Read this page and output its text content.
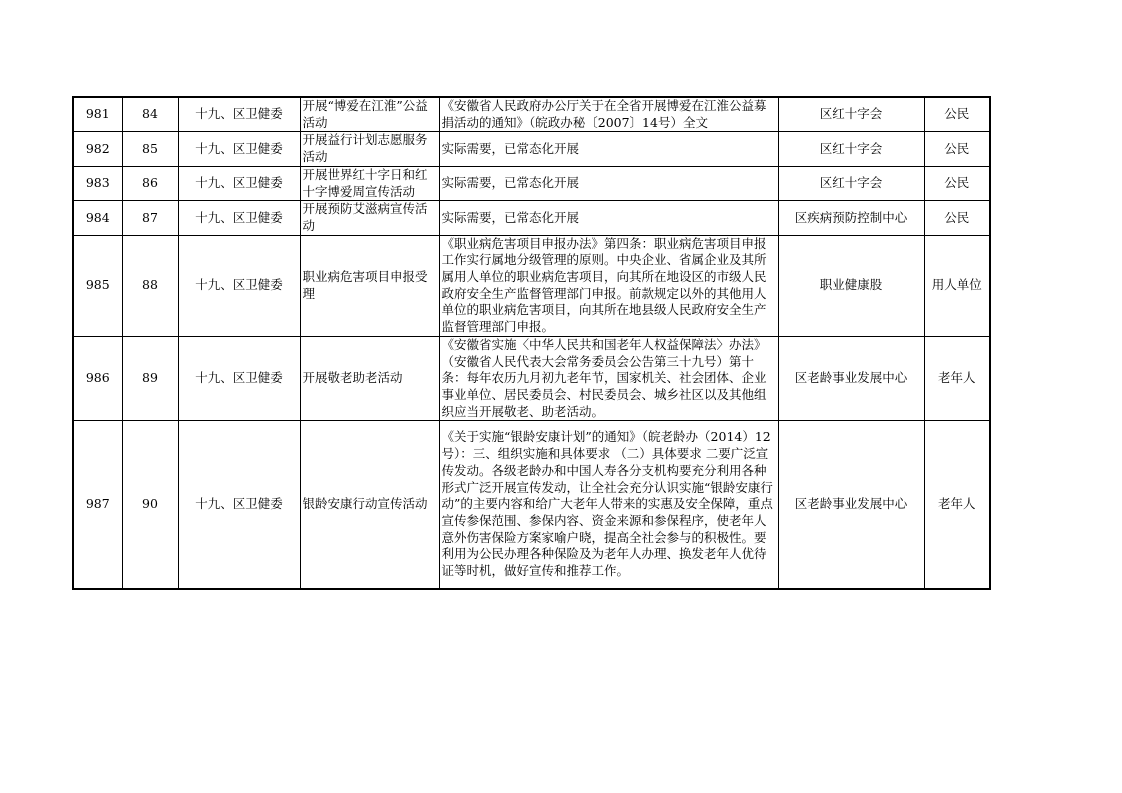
981	84	十九、区卫健委	开展“博爱在江淮”公益活动	《安徽省人民政府办公厅关于在全省开展博爱在江淮公益募捐活动的通知》（皖政办秘〔2007〕14号）全文	区红十字会	公民
982	85	十九、区卫健委	开展益行计划志愿服务活动	实际需要，已常态化开展	区红十字会	公民
983	86	十九、区卫健委	开展世界红十字日和红十字博爱周宣传活动	实际需要，已常态化开展	区红十字会	公民
984	87	十九、区卫健委	开展预防艾滋病宣传活动	实际需要，已常态化开展	区疾病预防控制中心	公民
985	88	十九、区卫健委	职业病危害项目申报受理	《职业病危害项目申报办法》第四条：职业病危害项目申报工作实行属地分级管理的原则。中央企业、省属企业及其所属用人单位的职业病危害项目，向其所在地设区的市级人民政府安全生产监督管理部门申报。前款规定以外的其他用人单位的职业病危害项目，向其所在地县级人民政府安全生产监督管理部门申报。	职业健康股	用人单位
986	89	十九、区卫健委	开展敬老助老活动	《安徽省实施〈中华人民共和国老年人权益保障法〉办法》（安徽省人民代表大会常务委员会公告第三十九号）第十条：每年农历九月初九老年节，国家机关、社会团体、企业事业单位、居民委员会、村民委员会、城乡社区以及其他组织应当开展敬老、助老活动。	区老龄事业发展中心	老年人
987	90	十九、区卫健委	银龄安康行动宣传活动	《关于实施“银龄安康计划”的通知》（皖老龄办（2014）12号）：三、组织实施和具体要求 （二）具体要求 二要广泛宣传发动。各级老龄办和中国人寿各分支机构要充分利用各种形式广泛开展宣传发动，让全社会充分认识实施“银龄安康行动”的主要内容和给广大老年人带来的实惠及安全保障，重点宣传参保范围、参保内容、资金来源和参保程序，使老年人意外伤害保险方案家喻户晓，提高全社会参与的积极性。要利用为公民办理各种保险及为老年人办理、换发老年人优待证等时机，做好宣传和推荐工作。	区老龄事业发展中心	老年人
